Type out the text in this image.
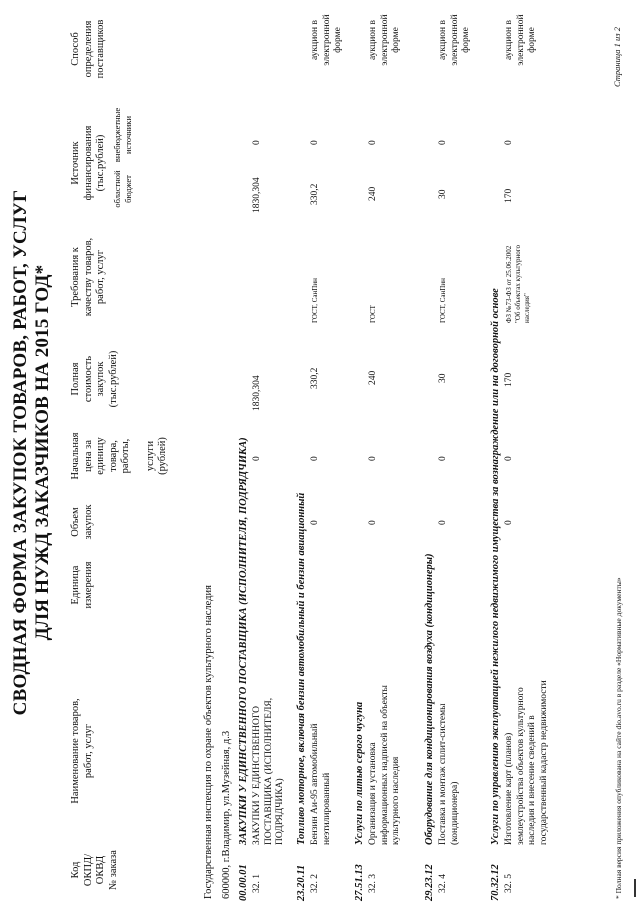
СВОДНАЯ ФОРМА ЗАКУПОК ТОВАРОВ, РАБОТ, УСЛУГ ДЛЯ НУЖД ЗАКАЗЧИКОВ НА 2015 ГОД*
Код ОКПД/ ОКВД № заказа
Наименование товаров, работ, услуг
Единица измерения
Объем закупок
Начальная цена за единицу товара, работы, услуги (рублей)
Полная стоимость закупок (тыс.рублей)
Требования к качеству товаров, работ, услуг
Источник финансирования (тыс.рублей) областной бюджет
внебюджетные источники
Способ определения поставщиков
Государственная инспекция по охране объектов культурного наследия 600000, г.Владимир, ул.Музейная, д.3 00.00.01ЗАКУПКИ У ЕДИНСТВЕННОГО ПОСТАВЩИКА (ИСПОЛНИТЕЛЯ, ПОДРЯДЧИКА)
32. 1
ЗАКУПКИ У ЕДИНСТВЕННОГО ПОСТАВЩИКА (ИСПОЛНИТЕЛЯ, ПОДРЯДЧИКА)
0
1830,304
1830,304
0
23.20.11Топливо моторное, включая бензин автомобильный и бензин авиационный
32. 2
Бензин Аи-95 автомобильный неэтилированный
0
0
330,2
ГОСТ, СанПин
330,2
0
аукцион в электронной форме
27.51.13Услуги по литью серого чугуна
32. 3
Организация и установка информационных надписей на объекты культурного наследия
0
0
240
ГОСТ
240
0
аукцион в электронной форме
29.23.12Оборудование для кондиционирования воздуха (кондиционеры)
32. 4
Поставка и монтаж сплит-системы (кондиционера)
0
0
30
ГОСТ, СанПин
30
0
аукцион в электронной форме
70.32.12Услуги по управлению эксплуатацией нежилого недвижимого имущества за вознаграждение или на договорной основе
32. 5
Изготовление карт (планов) землеустройства объектов культурного наследия и внесение сведений в государственный кадастр недвижимости
0
0
170
ФЗ №73-ФЗ от 25.06.2002 "Об объектах культурного наследия"
170
0
аукцион в электронной форме
* Полная версия приложения опубликована на сайте dio.avo.ru в разделе «Нормативные документы»
Страница 1 из 2
